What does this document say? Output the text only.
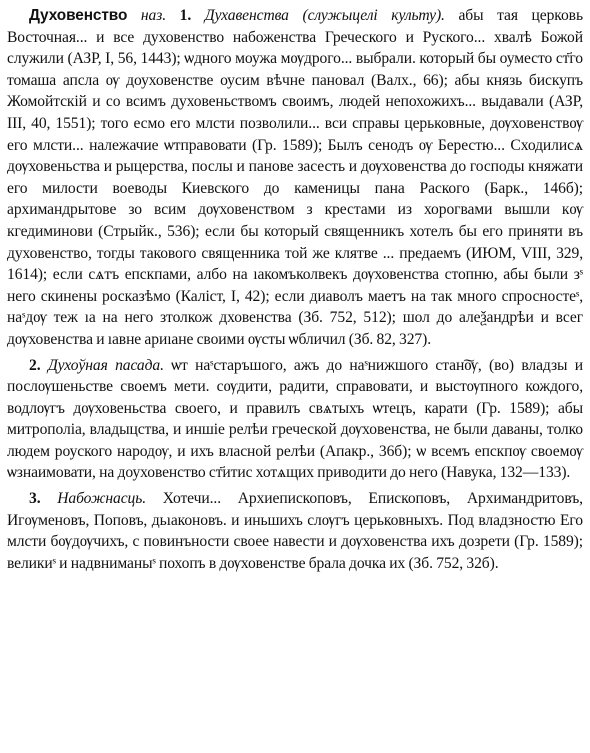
Духовенство наз. 1. Духавенства (служыцелі культу). абы тая церковь Восточная... и все духовенство набоженства Греческого и Руского... хвалѣ Божой служили (АЗР, I, 56, 1443); ѡдного моужа мѹдрого... выбрали. который бы оуместо ст҃го томаша апсла ѹ доуховенстве оусим вѣчне пановал (Валх., 66); абы князь бискупъ Жомойтскій и со всимъ духовеньствомъ своимъ, людей непохожихъ... выдавали (АЗР, III, 40, 1551); того есмо его млсти позволили... вси справы церьковные, дѹховенствѹ его млсти... належачие ѡтправовати (Гр. 1589); Былъ сенодъ ѹ Берестю... Сходилисѧ дѹховеньства и рыцерства, послы и панове засесть и дѹховенства до господы княжати его милости воеводы Киевского до каменицы пана Раского (Барк., 146б); архимандрытове зо всим дѹховенством з крестами из хорогвами вышли кѹ кгедиминови (Стрыйк., 536); если бы который священникъ хотелъ бы его приняти въ духовенство, тогды такового священника той же клятве ... предаемъ (ИЮМ, VIII, 329, 1614); если сѧтъ епскпами, албо на ıакомъколвекъ дѹховенства стопню, абы были зˢ него скинены росказѣмо (Каліст, I, 42); если диаволъ маетъ на так много спросностеˢ, наˢдѹ теж ıа на него зтолкож дховенства (Зб. 752, 512); шол до алеѯандрѣи и всег дѹховенства и ıавне ариıане своими ѹсты ѡбличил (Зб. 82, 327).

2. Духоўная пасада. ѡт наˢстаръшого, ажъ до наˢнижшого стан͠ѹ, (во) владзы и послѹшеньстве своемъ мети. сѹдити, радити, справовати, и выстѹпного кождого, водлѹгъ дѹховеньства своего, и правилъ свѧтыхъ ѡтецъ, карати (Гр. 1589); абы митрополіа, владыцства, и иншіе релѣи греческой дѹховенства, не были даваны, толко людем роуского народѹ, и ихъ власной релѣи (Апакр., 36б); ѡ всемъ епскпѹ своемѹ ѡзнаимовати, на доуховенство ст҃итис хотѧщих приводити до него (Навука, 132—133).

3. Набожнасць. Хотечи... Архиепископовъ, Епископовъ, Архимандритовъ, Игѹменовъ, Поповъ, дьıаконовъ. и иньшихъ слѹгъ церьковныхъ. Под владзностю Его млсти бѹдѹчихъ, с повинъности своее навести и дѹховенства ихъ дозрети (Гр. 1589); великиˢ и надвниманыˢ похопъ в дѹховенстве брала дочка их (Зб. 752, 32б).
